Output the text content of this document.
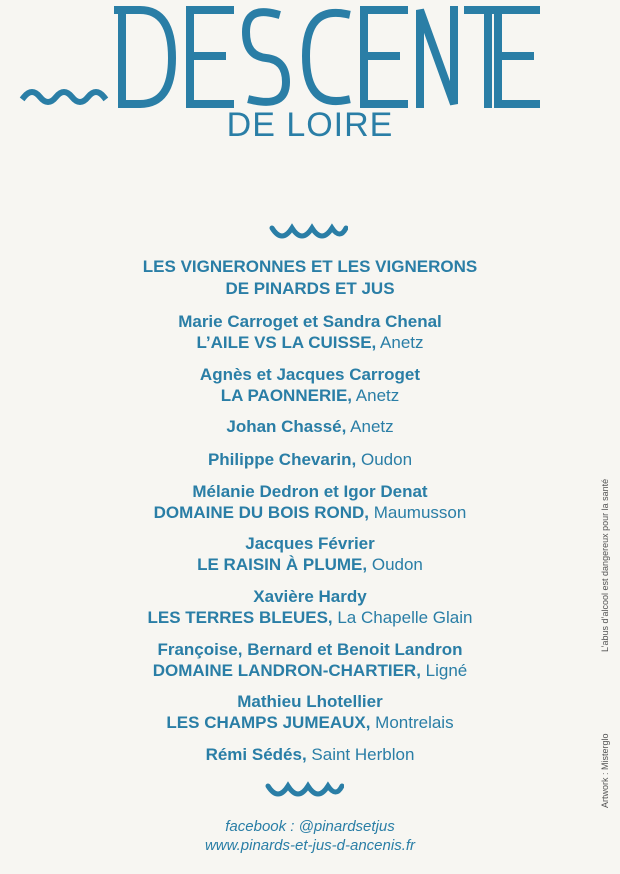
DE LOIRE
LES VIGNERONNES ET LES VIGNERONS
DE PINARDS ET JUS
Marie Carroget et Sandra Chenal
L’AILE VS LA CUISSE, Anetz
Agnès et Jacques Carroget
LA PAONNERIE, Anetz
Johan Chassé, Anetz
Philippe Chevarin, Oudon
Mélanie Dedron et Igor Denat
DOMAINE DU BOIS ROND, Maumusson
Jacques Février
LE RAISIN À PLUME, Oudon
Xavière Hardy
LES TERRES BLEUES, La Chapelle Glain
Françoise, Bernard et Benoit Landron
DOMAINE LANDRON-CHARTIER, Ligné
Mathieu Lhotellier
LES CHAMPS JUMEAUX, Montrelais
Rémi Sédés, Saint Herblon
facebook : @pinardsetjus
www.pinards-et-jus-d-ancenis.fr
L’abus d’alcool est dangereux pour la santé
Artwork : Misterglo
